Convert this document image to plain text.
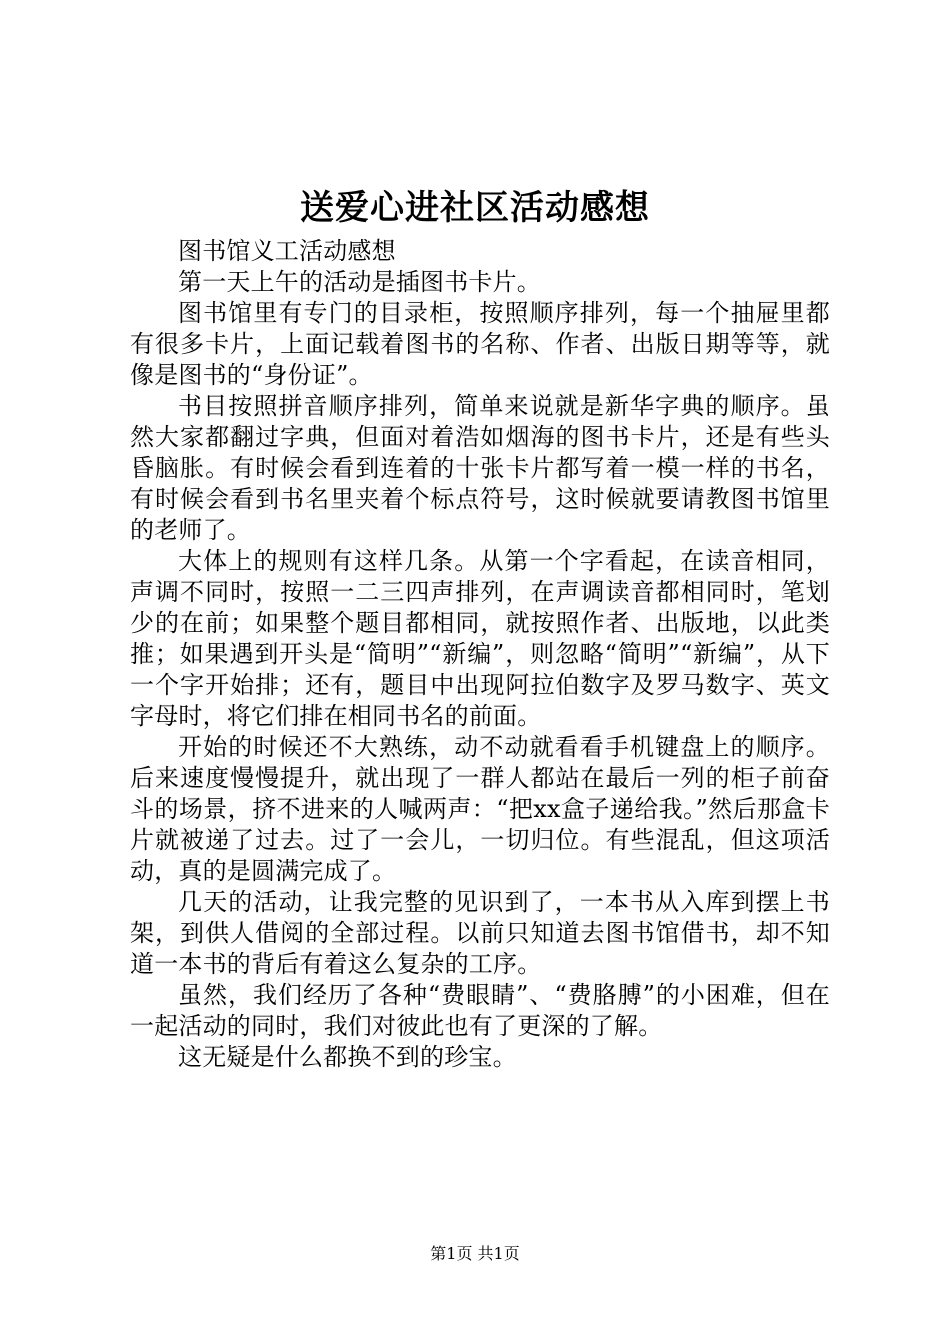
送爱心进社区活动感想

图书馆义工活动感想

第一天上午的活动是插图书卡片。

图书馆里有专门的目录柜，按照顺序排列，每一个抽屉里都有很多卡片，上面记载着图书的名称、作者、出版日期等等，就像是图书的“身份证”。

书目按照拼音顺序排列，简单来说就是新华字典的顺序。虽然大家都翻过字典，但面对着浩如烟海的图书卡片，还是有些头昏脑胀。有时候会看到连着的十张卡片都写着一模一样的书名，有时候会看到书名里夹着个标点符号，这时候就要请教图书馆里的老师了。

大体上的规则有这样几条。从第一个字看起，在读音相同，声调不同时，按照一二三四声排列，在声调读音都相同时，笔划少的在前；如果整个题目都相同，就按照作者、出版地，以此类推；如果遇到开头是“简明”“新编”，则忽略“简明”“新编”，从下一个字开始排；还有，题目中出现阿拉伯数字及罗马数字、英文字母时，将它们排在相同书名的前面。

开始的时候还不大熟练，动不动就看看手机键盘上的顺序。后来速度慢慢提升，就出现了一群人都站在最后一列的柜子前奋斗的场景，挤不进来的人喊两声：“把xx盒子递给我。”然后那盒卡片就被递了过去。过了一会儿，一切归位。有些混乱，但这项活动，真的是圆满完成了。

几天的活动，让我完整的见识到了，一本书从入库到摆上书架，到供人借阅的全部过程。以前只知道去图书馆借书，却不知道一本书的背后有着这么复杂的工序。

虽然，我们经历了各种“费眼睛”、“费胳膊”的小困难，但在一起活动的同时，我们对彼此也有了更深的了解。

这无疑是什么都换不到的珍宝。

第1页 共1页
